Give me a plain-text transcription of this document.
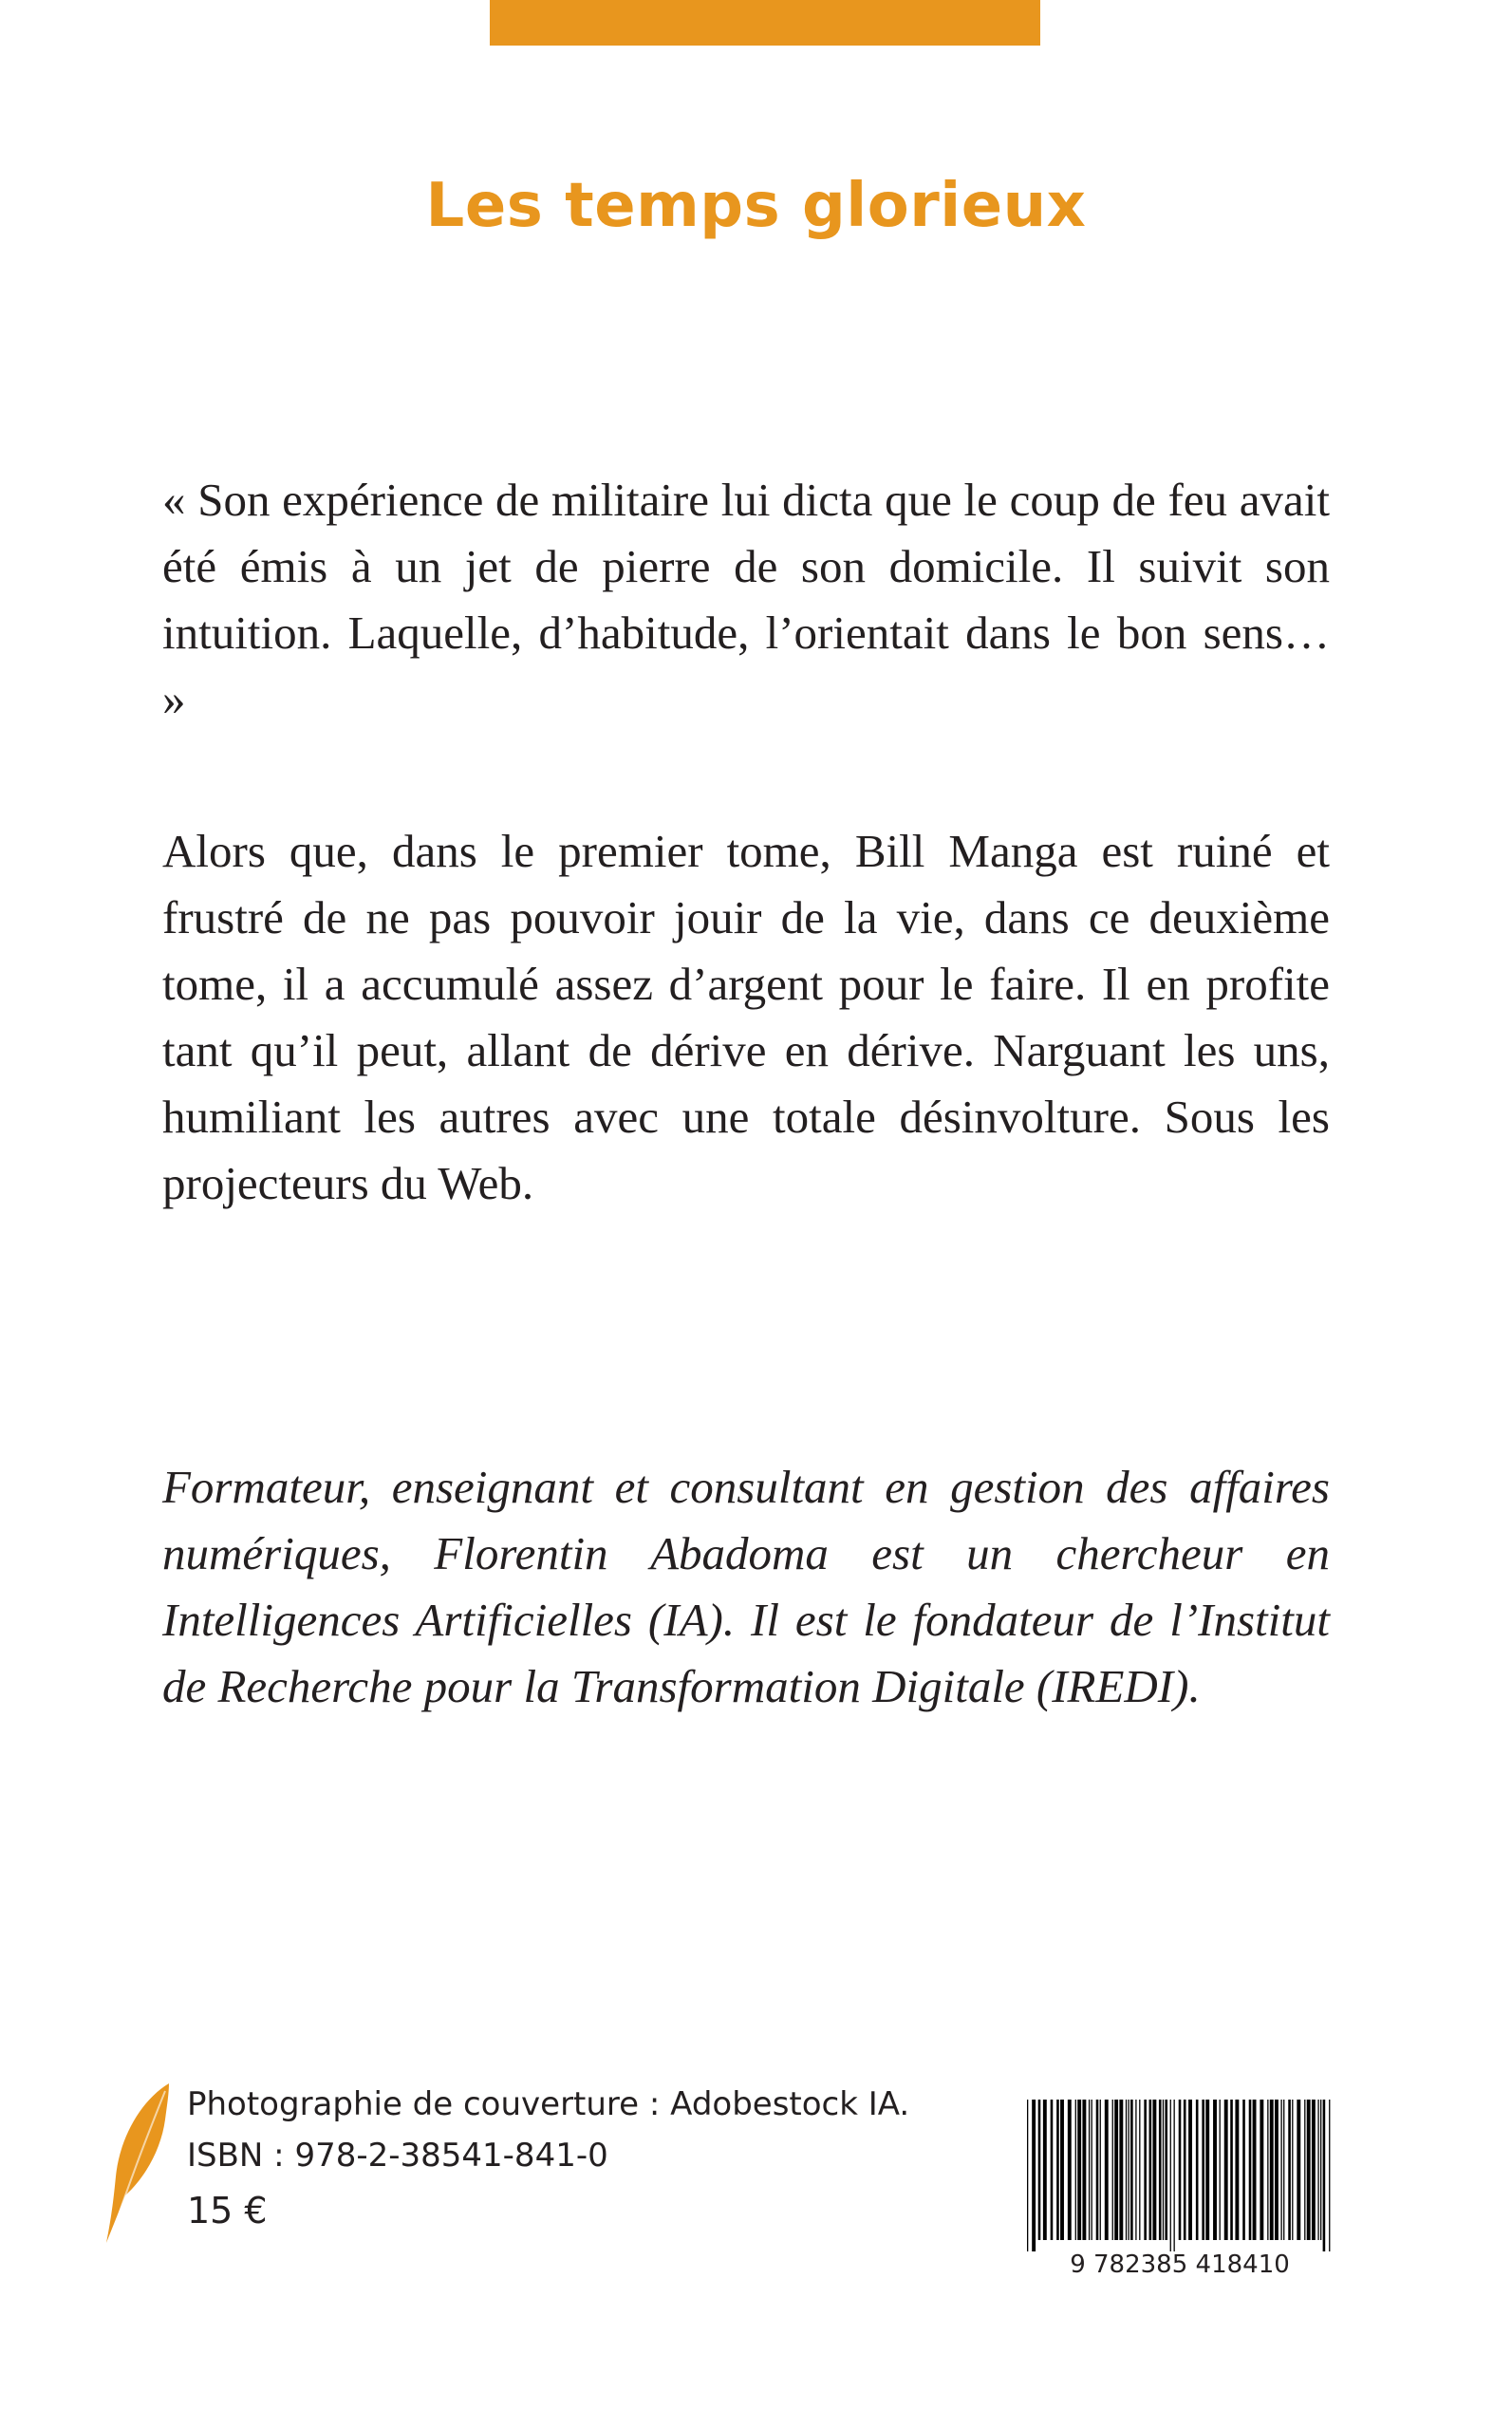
Les temps glorieux

« Son expérience de militaire lui dicta que le coup de feu avait été émis à un jet de pierre de son domicile. Il suivit son intuition. Laquelle, d’habitude, l’orientait dans le bon sens… »

Alors que, dans le premier tome, Bill Manga est ruiné et frustré de ne pas pouvoir jouir de la vie, dans ce deuxième tome, il a accumulé assez d’argent pour le faire. Il en profite tant qu’il peut, allant de dérive en dérive. Narguant les uns, humiliant les autres avec une totale désinvolture. Sous les projecteurs du Web.

Formateur, enseignant et consultant en gestion des affaires numériques, Florentin Abadoma est un chercheur en Intelligences Artificielles (IA). Il est le fondateur de l’Institut de Recherche pour la Transformation Digitale (IREDI).

Photographie de couverture : Adobestock IA.
ISBN : 978-2-38541-841-0
15 €
9 782385 418410
